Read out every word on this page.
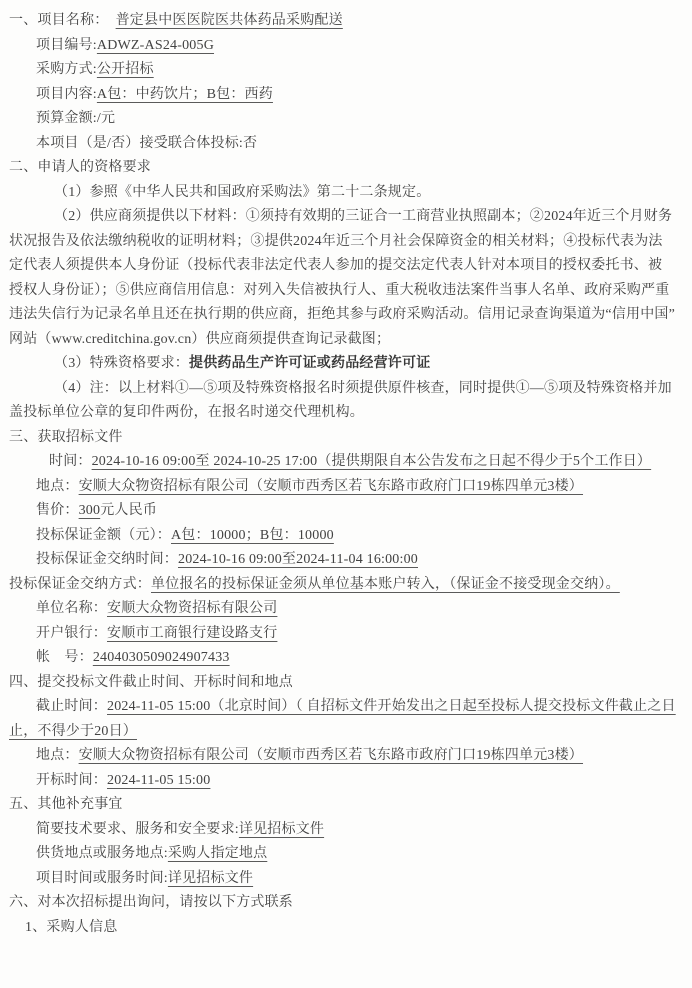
一、项目名称： 普定县中医医院医共体药品采购配送

项目编号:ADWZ-AS24-005G

采购方式:公开招标

项目内容:A包：中药饮片；B包：西药

预算金额:/元

本项目（是/否）接受联合体投标:否

二、申请人的资格要求

（1）参照《中华人民共和国政府采购法》第二十二条规定。

（2）供应商须提供以下材料：①须持有效期的三证合一工商营业执照副本；②2024年近三个月财务状况报告及依法缴纳税收的证明材料；③提供2024年近三个月社会保障资金的相关材料；④投标代表为法定代表人须提供本人身份证（投标代表非法定代表人参加的提交法定代表人针对本项目的授权委托书、被授权人身份证）；⑤供应商信用信息：对列入失信被执行人、重大税收违法案件当事人名单、政府采购严重违法失信行为记录名单且还在执行期的供应商，拒绝其参与政府采购活动。信用记录查询渠道为“信用中国”网站（www.creditchina.gov.cn）供应商须提供查询记录截图；

（3）特殊资格要求：提供药品生产许可证或药品经营许可证

（4）注：以上材料①—⑤项及特殊资格报名时须提供原件核查，同时提供①—⑤项及特殊资格并加盖投标单位公章的复印件两份，在报名时递交代理机构。

三、获取招标文件

时间：2024-10-16 09:00至 2024-10-25 17:00（提供期限自本公告发布之日起不得少于5个工作日）

地点：安顺大众物资招标有限公司（安顺市西秀区若飞东路市政府门口19栋四单元3楼）

售价：300元人民币

投标保证金额（元）：A包：10000；B包：10000

投标保证金交纳时间：2024-10-16 09:00至2024-11-04 16:00:00

投标保证金交纳方式：单位报名的投标保证金须从单位基本账户转入，（保证金不接受现金交纳）。

单位名称：安顺大众物资招标有限公司

开户银行：安顺市工商银行建设路支行

帐　号：2404030509024907433

四、提交投标文件截止时间、开标时间和地点

截止时间：2024-11-05 15:00（北京时间）（ 自招标文件开始发出之日起至投标人提交投标文件截止之日止，不得少于20日）

地点：安顺大众物资招标有限公司（安顺市西秀区若飞东路市政府门口19栋四单元3楼）

开标时间：2024-11-05 15:00

五、其他补充事宜

简要技术要求、服务和安全要求:详见招标文件

供货地点或服务地点:采购人指定地点

项目时间或服务时间:详见招标文件

六、对本次招标提出询问，请按以下方式联系

1、采购人信息
